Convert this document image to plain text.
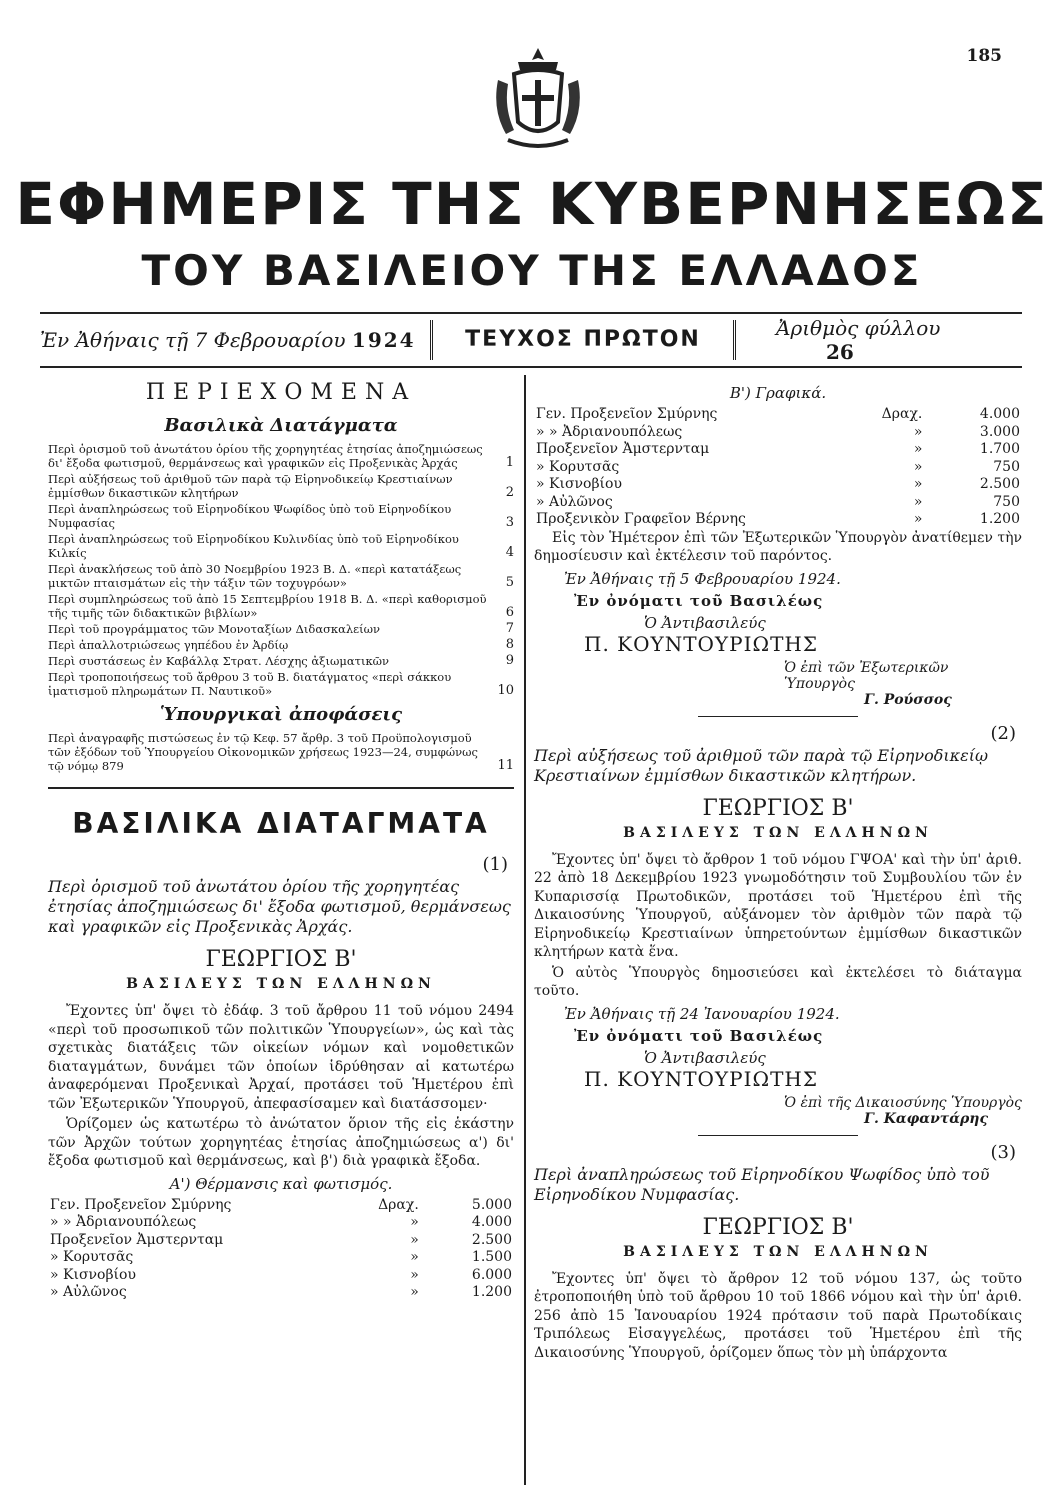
185
ΕΦΗΜΕΡΙΣ ΤΗΣ ΚΥΒΕΡΝΗΣΕΩΣ
ΤΟΥ ΒΑΣΙΛΕΙΟΥ ΤΗΣ ΕΛΛΑΔΟΣ
Ἐν Ἀθήναις τῇ 7 Φεβρουαρίου 1924	ΤΕΥΧΟΣ ΠΡΩΤΟΝ	Ἀριθμὸς φύλλου 26
ΠΕΡΙΕΧΟΜΕΝΑ
Βασιλικὰ Διατάγματα
Περὶ ὁρισμοῦ τοῦ ἀνωτάτου ὁρίου τῆς χορηγητέας ἐτησίας ἀποζημιώσεως δι' ἔξοδα φωτισμοῦ, θερμάνσεως καὶ γραφικῶν εἰς Προξενικὰς Ἀρχάς	1
Περὶ αὐξήσεως τοῦ ἀριθμοῦ τῶν παρὰ τῷ Εἰρηνοδικείῳ Κρεστιαίνων ἐμμίσθων δικαστικῶν κλητήρων	2
Περὶ ἀναπληρώσεως τοῦ Εἰρηνοδίκου Ψωφίδος ὑπὸ τοῦ Εἰρηνοδίκου Νυμφασίας	3
Περὶ ἀναπληρώσεως τοῦ Εἰρηνοδίκου Κυλινδίας ὑπὸ τοῦ Εἰρηνοδίκου Κιλκίς	4
Περὶ ἀνακλήσεως τοῦ ἀπὸ 30 Νοεμβρίου 1923 Β. Δ. «περὶ κατατάξεως μικτῶν πταισμάτων εἰς τὴν τάξιν τῶν τοχυγρόων»	5
Περὶ συμπληρώσεως τοῦ ἀπὸ 15 Σεπτεμβρίου 1918 Β. Δ. «περὶ καθορισμοῦ τῆς τιμῆς τῶν διδακτικῶν βιβλίων»	6
Περὶ τοῦ προγράμματος τῶν Μονοταξίων Διδασκαλείων	7
Περὶ ἀπαλλοτριώσεως γηπέδου ἐν Ἀρδίῳ	8
Περὶ συστάσεως ἐν Καβάλλᾳ Στρατ. Λέσχης ἀξιωματικῶν	9
Περὶ τροποποιήσεως τοῦ ἄρθρου 3 τοῦ Β. διατάγματος «περὶ σάκκου ἱματισμοῦ πληρωμάτων Π. Ναυτικοῦ»	10
Ὑπουργικαὶ ἀποφάσεις
Περὶ ἀναγραφῆς πιστώσεως ἐν τῷ Κεφ. 57 ἄρθρ. 3 τοῦ Προϋπολογισμοῦ τῶν ἐξόδων τοῦ Ὑπουργείου Οἰκονομικῶν χρήσεως 1923—24, συμφώνως τῷ νόμῳ 879	11
ΒΑΣΙΛΙΚΑ ΔΙΑΤΑΓΜΑΤΑ
(1)
Περὶ ὁρισμοῦ τοῦ ἀνωτάτου ὁρίου τῆς χορηγητέας ἐτησίας ἀποζημιώσεως δι' ἔξοδα φωτισμοῦ, θερμάνσεως καὶ γραφικῶν εἰς Προξενικὰς Ἀρχάς.
ΓΕΩΡΓΙΟΣ Β'
ΒΑΣΙΛΕΥΣ ΤΩΝ ΕΛΛΗΝΩΝ

Ἔχοντες ὑπ' ὄψει τὸ ἐδάφ. 3 τοῦ ἄρθρου 11 τοῦ νόμου 2494 «περὶ τοῦ προσωπικοῦ τῶν πολιτικῶν Ὑπουργείων», ὡς καὶ τὰς σχετικὰς διατάξεις τῶν οἰκείων νόμων καὶ νομοθετικῶν διαταγμάτων, δυνάμει τῶν ὁποίων ἱδρύθησαν αἱ κατωτέρω ἀναφερόμεναι Προξενικαὶ Ἀρχαί, προτάσει τοῦ Ἡμετέρου ἐπὶ τῶν Ἐξωτερικῶν Ὑπουργοῦ, ἀπεφασίσαμεν καὶ διατάσσομεν·

Ὁρίζομεν ὡς κατωτέρω τὸ ἀνώτατον ὅριον τῆς εἰς ἑκάστην τῶν Ἀρχῶν τούτων χορηγητέας ἐτησίας ἀποζημιώσεως α') δι' ἔξοδα φωτισμοῦ καὶ θερμάνσεως, καὶ β') διὰ γραφικὰ ἔξοδα.

Α') Θέρμανσις καὶ φωτισμός.
Γεν. Προξενεῖον Σμύρνης	Δραχ.	5.000
» » Ἀδριανουπόλεως	»	4.000
Προξενεῖον Ἀμστερνταμ	»	2.500
» Κορυτσᾶς	»	1.500
» Κισνοβίου	»	6.000
» Αὐλῶνος	»	1.200
Β') Γραφικά.
Γεν. Προξενεῖον Σμύρνης	Δραχ.	4.000
» » Ἀδριανουπόλεως	»	3.000
Προξενεῖον Ἀμστερνταμ	»	1.700
» Κορυτσᾶς	»	750
» Κισνοβίου	»	2.500
» Αὐλῶνος	»	750
Προξενικὸν Γραφεῖον Βέρνης	»	1.200

Εἰς τὸν Ἡμέτερον ἐπὶ τῶν Ἐξωτερικῶν Ὑπουργὸν ἀνατίθεμεν τὴν δημοσίευσιν καὶ ἐκτέλεσιν τοῦ παρόντος.

Ἐν Ἀθήναις τῇ 5 Φεβρουαρίου 1924.
Ἐν ὀνόματι τοῦ Βασιλέως
Ὁ Ἀντιβασιλεύς
Π. ΚΟΥΝΤΟΥΡΙΩΤΗΣ
Ὁ ἐπὶ τῶν Ἐξωτερικῶν Ὑπουργὸς
Γ. Ρούσσος
(2)
Περὶ αὐξήσεως τοῦ ἀριθμοῦ τῶν παρὰ τῷ Εἰρηνοδικείῳ Κρεστιαίνων ἐμμίσθων δικαστικῶν κλητήρων.
ΓΕΩΡΓΙΟΣ Β'
ΒΑΣΙΛΕΥΣ ΤΩΝ ΕΛΛΗΝΩΝ

Ἔχοντες ὑπ' ὄψει τὸ ἄρθρον 1 τοῦ νόμου ΓΨΟΑ' καὶ τὴν ὑπ' ἀριθ. 22 ἀπὸ 18 Δεκεμβρίου 1923 γνωμοδότησιν τοῦ Συμβουλίου τῶν ἐν Κυπαρισσίᾳ Πρωτοδικῶν, προτάσει τοῦ Ἡμετέρου ἐπὶ τῆς Δικαιοσύνης Ὑπουργοῦ, αὐξάνομεν τὸν ἀριθμὸν τῶν παρὰ τῷ Εἰρηνοδικείῳ Κρεστιαίνων ὑπηρετούντων ἐμμίσθων δικαστικῶν κλητήρων κατὰ ἕνα.

Ὁ αὐτὸς Ὑπουργὸς δημοσιεύσει καὶ ἐκτελέσει τὸ διάταγμα τοῦτο.

Ἐν Ἀθήναις τῇ 24 Ἰανουαρίου 1924.
Ἐν ὀνόματι τοῦ Βασιλέως
Ὁ Ἀντιβασιλεύς
Π. ΚΟΥΝΤΟΥΡΙΩΤΗΣ
Ὁ ἐπὶ τῆς Δικαιοσύνης Ὑπουργὸς
Γ. Καφαντάρης
(3)
Περὶ ἀναπληρώσεως τοῦ Εἰρηνοδίκου Ψωφίδος ὑπὸ τοῦ Εἰρηνοδίκου Νυμφασίας.
ΓΕΩΡΓΙΟΣ Β'
ΒΑΣΙΛΕΥΣ ΤΩΝ ΕΛΛΗΝΩΝ

Ἔχοντες ὑπ' ὄψει τὸ ἄρθρον 12 τοῦ νόμου 137, ὡς τοῦτο ἐτροποποιήθη ὑπὸ τοῦ ἄρθρου 10 τοῦ 1866 νόμου καὶ τὴν ὑπ' ἀριθ. 256 ἀπὸ 15 Ἰανουαρίου 1924 πρότασιν τοῦ παρὰ Πρωτοδίκαις Τριπόλεως Εἰσαγγελέως, προτάσει τοῦ Ἡμετέρου ἐπὶ τῆς Δικαιοσύνης Ὑπουργοῦ, ὁρίζομεν ὅπως τὸν μὴ ὑπάρχοντα
